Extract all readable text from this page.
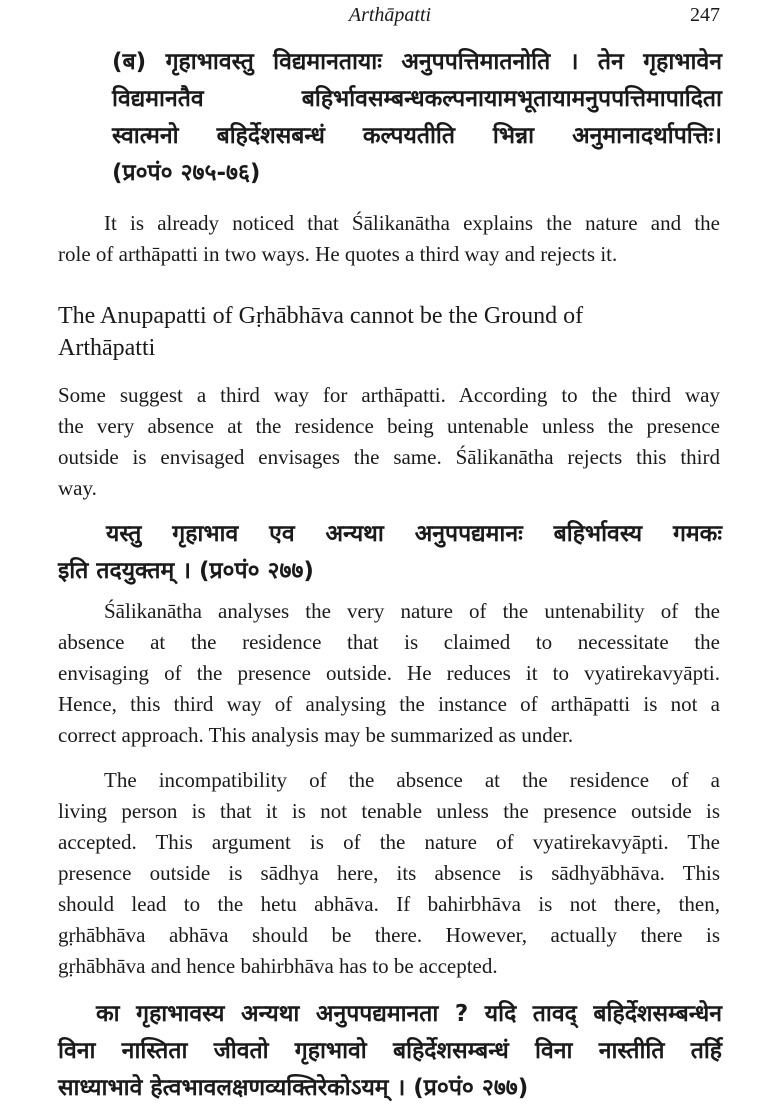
Arthāpatti	247
(ब) गृहाभावस्तु विद्यमानतायाः अनुपपत्तिमातनोति । तेन गृहाभावेन
विद्यमानतैव बहिर्भावसम्बन्धकल्पनायामभूतायामनुपपत्तिमापादिता
स्वात्मनो बहिर्देशसबन्धं कल्पयतीति भिन्ना अनुमानादर्थापत्तिः।
(प्र०पं० २७५-७६)
It is already noticed that Śālikanātha explains the nature and the
role of arthāpatti in two ways. He quotes a third way and rejects it.
The Anupapatti of Gṛhābhāva cannot be the Ground of
Arthāpatti
Some suggest a third way for arthāpatti. According to the third way
the very absence at the residence being untenable unless the presence
outside is envisaged envisages the same. Śālikanātha rejects this third
way.
यस्तु गृहाभाव एव अन्यथा अनुपपद्यमानः बहिर्भावस्य गमकः
इति तदयुक्तम् । (प्र०पं० २७७)
Śālikanātha analyses the very nature of the untenability of the
absence at the residence that is claimed to necessitate the
envisaging of the presence outside. He reduces it to vyatirekavyāpti.
Hence, this third way of analysing the instance of arthāpatti is not a
correct approach. This analysis may be summarized as under.
The incompatibility of the absence at the residence of a
living person is that it is not tenable unless the presence outside is
accepted. This argument is of the nature of vyatirekavyāpti. The
presence outside is sādhya here, its absence is sādhyābhāva. This
should lead to the hetu abhāva. If bahirbhāva is not there, then,
gṛhābhāva abhāva should be there. However, actually there is
gṛhābhāva and hence bahirbhāva has to be accepted.
का गृहाभावस्य अन्यथा अनुपपद्यमानता ? यदि तावद् बहिर्देशसम्बन्धेन
विना नास्तिता जीवतो गृहाभावो बहिर्देशसम्बन्धं विना नास्तीति तर्हि
साध्याभावे हेत्वभावलक्षणव्यक्तिरेकोऽयम् । (प्र०पं० २७७)
